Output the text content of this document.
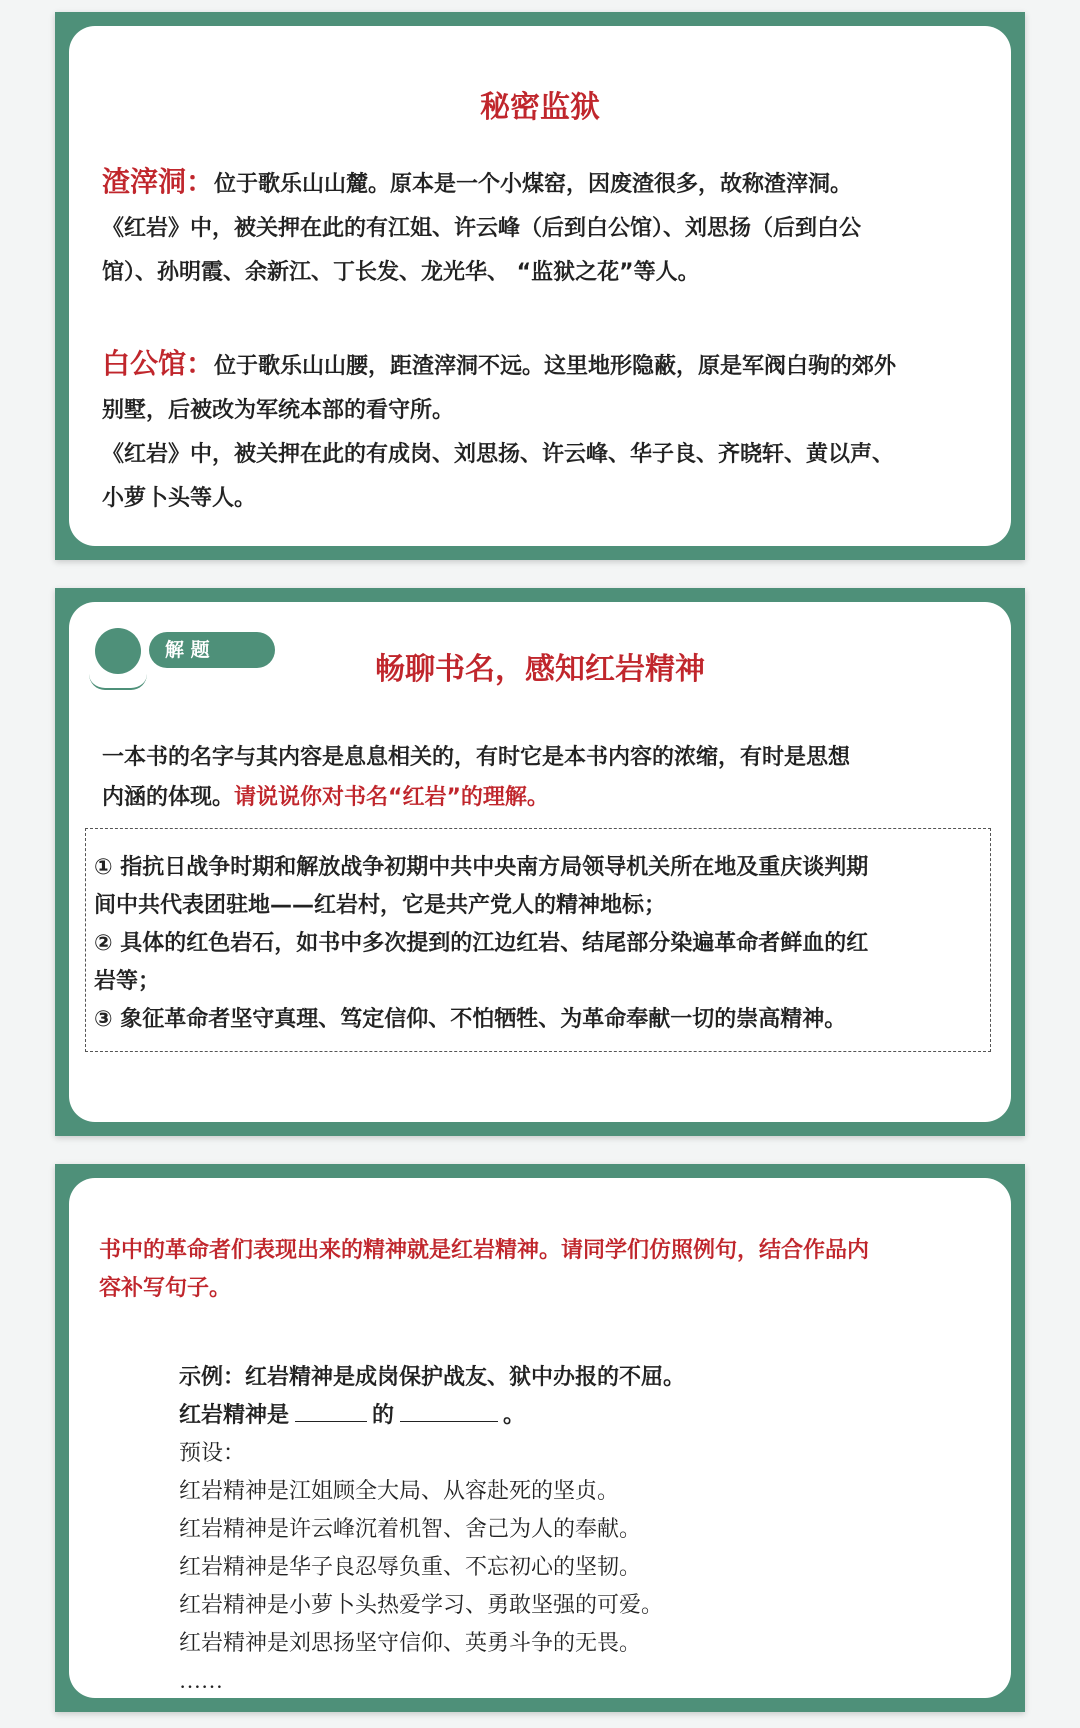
秘密监狱
渣滓洞：位于歌乐山山麓。原本是一个小煤窑，因废渣很多，故称渣滓洞。
《红岩》中，被关押在此的有江姐、许云峰（后到白公馆）、刘思扬（后到白公
馆）、孙明霞、余新江、丁长发、龙光华、 “监狱之花”等人。
白公馆：位于歌乐山山腰，距渣滓洞不远。这里地形隐蔽，原是军阀白驹的郊外
别墅，后被改为军统本部的看守所。
《红岩》中，被关押在此的有成岗、刘思扬、许云峰、华子良、齐晓轩、黄以声、
小萝卜头等人。
解 题
畅聊书名，感知红岩精神
一本书的名字与其内容是息息相关的，有时它是本书内容的浓缩，有时是思想
内涵的体现。请说说你对书名“红岩”的理解。
① 指抗日战争时期和解放战争初期中共中央南方局领导机关所在地及重庆谈判期
间中共代表团驻地——红岩村，它是共产党人的精神地标；
② 具体的红色岩石，如书中多次提到的江边红岩、结尾部分染遍革命者鲜血的红
岩等；
③ 象征革命者坚守真理、笃定信仰、不怕牺牲、为革命奉献一切的崇高精神。
书中的革命者们表现出来的精神就是红岩精神。请同学们仿照例句，结合作品内
容补写句子。
示例：红岩精神是成岗保护战友、狱中办报的不屈。
红岩精神是	的	。
预设：
红岩精神是江姐顾全大局、从容赴死的坚贞。
红岩精神是许云峰沉着机智、舍己为人的奉献。
红岩精神是华子良忍辱负重、不忘初心的坚韧。
红岩精神是小萝卜头热爱学习、勇敢坚强的可爱。
红岩精神是刘思扬坚守信仰、英勇斗争的无畏。
……
